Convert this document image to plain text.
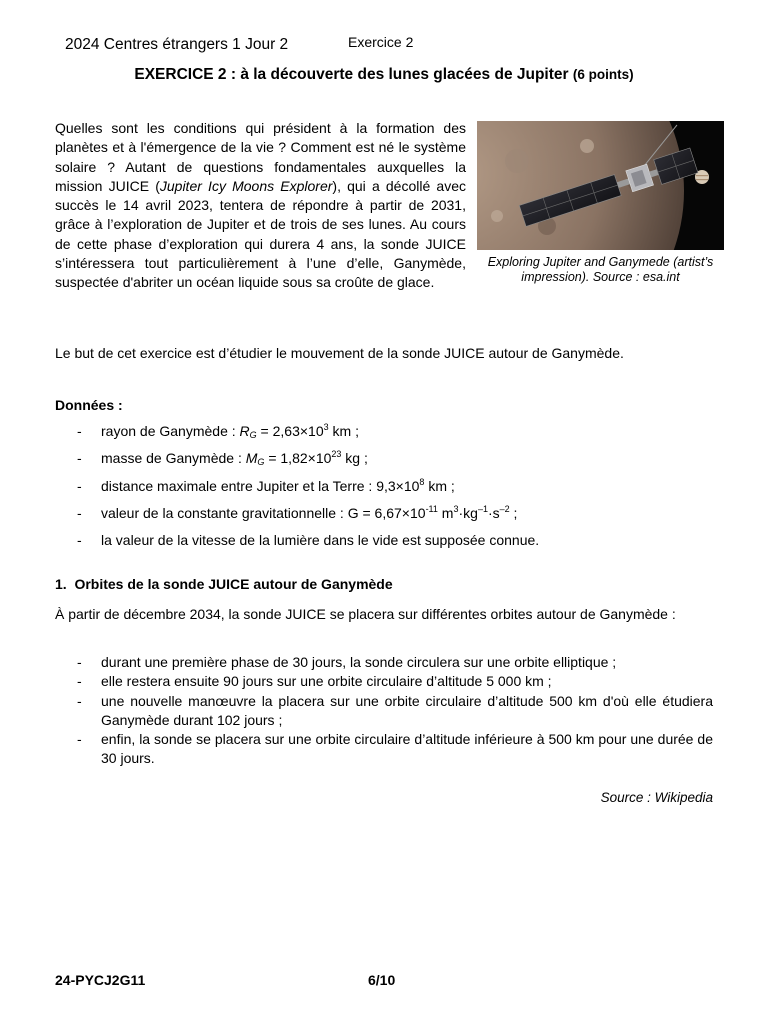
2024 Centres étrangers 1 Jour 2	Exercice 2
EXERCICE 2 : à la découverte des lunes glacées de Jupiter (6 points)
Quelles sont les conditions qui président à la formation des planètes et à l'émergence de la vie ? Comment est né le système solaire ? Autant de questions fondamentales auxquelles la mission JUICE (Jupiter Icy Moons Explorer), qui a décollé avec succès le 14 avril 2023, tentera de répondre à partir de 2031, grâce à l’exploration de Jupiter et de trois de ses lunes. Au cours de cette phase d’exploration qui durera 4 ans, la sonde JUICE s’intéressera tout particulièrement à l’une d’elle, Ganymède, suspectée d'abriter un océan liquide sous sa croûte de glace.
Exploring Jupiter and Ganymede (artist’s impression). Source : esa.int
Le but de cet exercice est d’étudier le mouvement de la sonde JUICE autour de Ganymède.
Données :
- rayon de Ganymède : $R_G = 2,63\times 10^3$ km ;
- masse de Ganymède : $M_G = 1,82\times 10^{23}$ kg ;
- distance maximale entre Jupiter et la Terre : $9,3\times 10^8$ km ;
- valeur de la constante gravitationnelle : $G = 6,67\times 10^{-11}$ $m^3\cdot kg^{-1}\cdot s^{-2}$ ;
- la valeur de la vitesse de la lumière dans le vide est supposée connue.
1.  Orbites de la sonde JUICE autour de Ganymède
À partir de décembre 2034, la sonde JUICE se placera sur différentes orbites autour de Ganymède :
- durant une première phase de 30 jours, la sonde circulera sur une orbite elliptique ;
- elle restera ensuite 90 jours sur une orbite circulaire d’altitude 5 000 km ;
- une nouvelle manœuvre la placera sur une orbite circulaire d’altitude 500 km d'où elle étudiera Ganymède durant 102 jours ;
- enfin, la sonde se placera sur une orbite circulaire d’altitude inférieure à 500 km pour une durée de 30 jours.
Source : Wikipedia
24-PYCJ2G11	6/10
